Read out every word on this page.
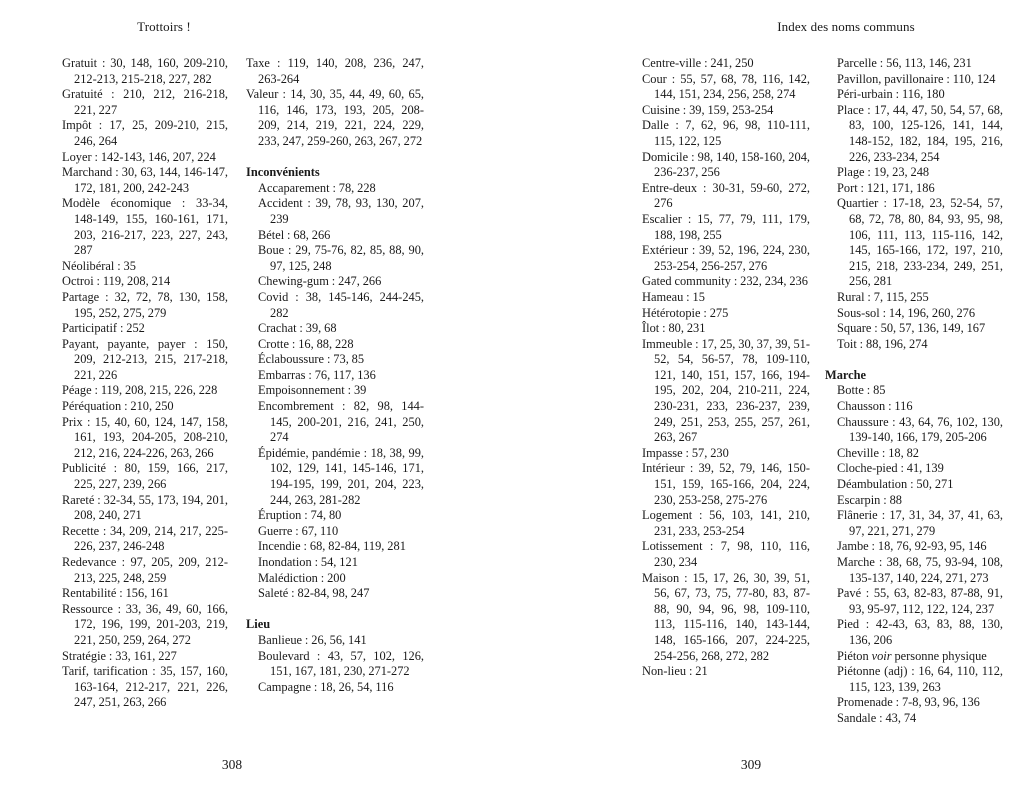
Trottoirs !
Gratuit : 30, 148, 160, 209-210, 212-213, 215-218, 227, 282
Gratuité : 210, 212, 216-218, 221, 227
Impôt : 17, 25, 209-210, 215, 246, 264
Loyer : 142-143, 146, 207, 224
Marchand : 30, 63, 144, 146-147, 172, 181, 200, 242-243
Modèle économique : 33-34, 148-149, 155, 160-161, 171, 203, 216-217, 223, 227, 243, 287
Néolibéral : 35
Octroi : 119, 208, 214
Partage : 32, 72, 78, 130, 158, 195, 252, 275, 279
Participatif : 252
Payant, payante, payer : 150, 209, 212-213, 215, 217-218, 221, 226
Péage : 119, 208, 215, 226, 228
Péréquation : 210, 250
Prix : 15, 40, 60, 124, 147, 158, 161, 193, 204-205, 208-210, 212, 216, 224-226, 263, 266
Publicité : 80, 159, 166, 217, 225, 227, 239, 266
Rareté : 32-34, 55, 173, 194, 201, 208, 240, 271
Recette : 34, 209, 214, 217, 225-226, 237, 246-248
Redevance : 97, 205, 209, 212-213, 225, 248, 259
Rentabilité : 156, 161
Ressource : 33, 36, 49, 60, 166, 172, 196, 199, 201-203, 219, 221, 250, 259, 264, 272
Stratégie : 33, 161, 227
Tarif, tarification : 35, 157, 160, 163-164, 212-217, 221, 226, 247, 251, 263, 266
Taxe : 119, 140, 208, 236, 247, 263-264
Valeur : 14, 30, 35, 44, 49, 60, 65, 116, 146, 173, 193, 205, 208-209, 214, 219, 221, 224, 229, 233, 247, 259-260, 263, 267, 272
Inconvénients
Accaparement : 78, 228
Accident : 39, 78, 93, 130, 207, 239
Bétel : 68, 266
Boue : 29, 75-76, 82, 85, 88, 90, 97, 125, 248
Chewing-gum : 247, 266
Covid : 38, 145-146, 244-245, 282
Crachat : 39, 68
Crotte : 16, 88, 228
Éclaboussure : 73, 85
Embarras : 76, 117, 136
Empoisonnement : 39
Encombrement : 82, 98, 144-145, 200-201, 216, 241, 250, 274
Épidémie, pandémie : 18, 38, 99, 102, 129, 141, 145-146, 171, 194-195, 199, 201, 204, 223, 244, 263, 281-282
Éruption : 74, 80
Guerre : 67, 110
Incendie : 68, 82-84, 119, 281
Inondation : 54, 121
Malédiction : 200
Saleté : 82-84, 98, 247
Lieu
Banlieue : 26, 56, 141
Boulevard : 43, 57, 102, 126, 151, 167, 181, 230, 271-272
Campagne : 18, 26, 54, 116
308
Index des noms communs
Centre-ville : 241, 250
Cour : 55, 57, 68, 78, 116, 142, 144, 151, 234, 256, 258, 274
Cuisine : 39, 159, 253-254
Dalle : 7, 62, 96, 98, 110-111, 115, 122, 125
Domicile : 98, 140, 158-160, 204, 236-237, 256
Entre-deux : 30-31, 59-60, 272, 276
Escalier : 15, 77, 79, 111, 179, 188, 198, 255
Extérieur : 39, 52, 196, 224, 230, 253-254, 256-257, 276
Gated community : 232, 234, 236
Hameau : 15
Hétérotopie : 275
Îlot : 80, 231
Immeuble : 17, 25, 30, 37, 39, 51-52, 54, 56-57, 78, 109-110, 121, 140, 151, 157, 166, 194-195, 202, 204, 210-211, 224, 230-231, 233, 236-237, 239, 249, 251, 253, 255, 257, 261, 263, 267
Impasse : 57, 230
Intérieur : 39, 52, 79, 146, 150-151, 159, 165-166, 204, 224, 230, 253-258, 275-276
Logement : 56, 103, 141, 210, 231, 233, 253-254
Lotissement : 7, 98, 110, 116, 230, 234
Maison : 15, 17, 26, 30, 39, 51, 56, 67, 73, 75, 77-80, 83, 87-88, 90, 94, 96, 98, 109-110, 113, 115-116, 140, 143-144, 148, 165-166, 207, 224-225, 254-256, 268, 272, 282
Non-lieu : 21
Parcelle : 56, 113, 146, 231
Pavillon, pavillonaire : 110, 124
Péri-urbain : 116, 180
Place : 17, 44, 47, 50, 54, 57, 68, 83, 100, 125-126, 141, 144, 148-152, 182, 184, 195, 216, 226, 233-234, 254
Plage : 19, 23, 248
Port : 121, 171, 186
Quartier : 17-18, 23, 52-54, 57, 68, 72, 78, 80, 84, 93, 95, 98, 106, 111, 113, 115-116, 142, 145, 165-166, 172, 197, 210, 215, 218, 233-234, 249, 251, 256, 281
Rural : 7, 115, 255
Sous-sol : 14, 196, 260, 276
Square : 50, 57, 136, 149, 167
Toit : 88, 196, 274
Marche
Botte : 85
Chausson : 116
Chaussure : 43, 64, 76, 102, 130, 139-140, 166, 179, 205-206
Cheville : 18, 82
Cloche-pied : 41, 139
Déambulation : 50, 271
Escarpin : 88
Flânerie : 17, 31, 34, 37, 41, 63, 97, 221, 271, 279
Jambe : 18, 76, 92-93, 95, 146
Marche : 38, 68, 75, 93-94, 108, 135-137, 140, 224, 271, 273
Pavé : 55, 63, 82-83, 87-88, 91, 93, 95-97, 112, 122, 124, 237
Pied : 42-43, 63, 83, 88, 130, 136, 206
Piéton voir personne physique
Piétonne (adj) : 16, 64, 110, 112, 115, 123, 139, 263
Promenade : 7-8, 93, 96, 136
Sandale : 43, 74
309
